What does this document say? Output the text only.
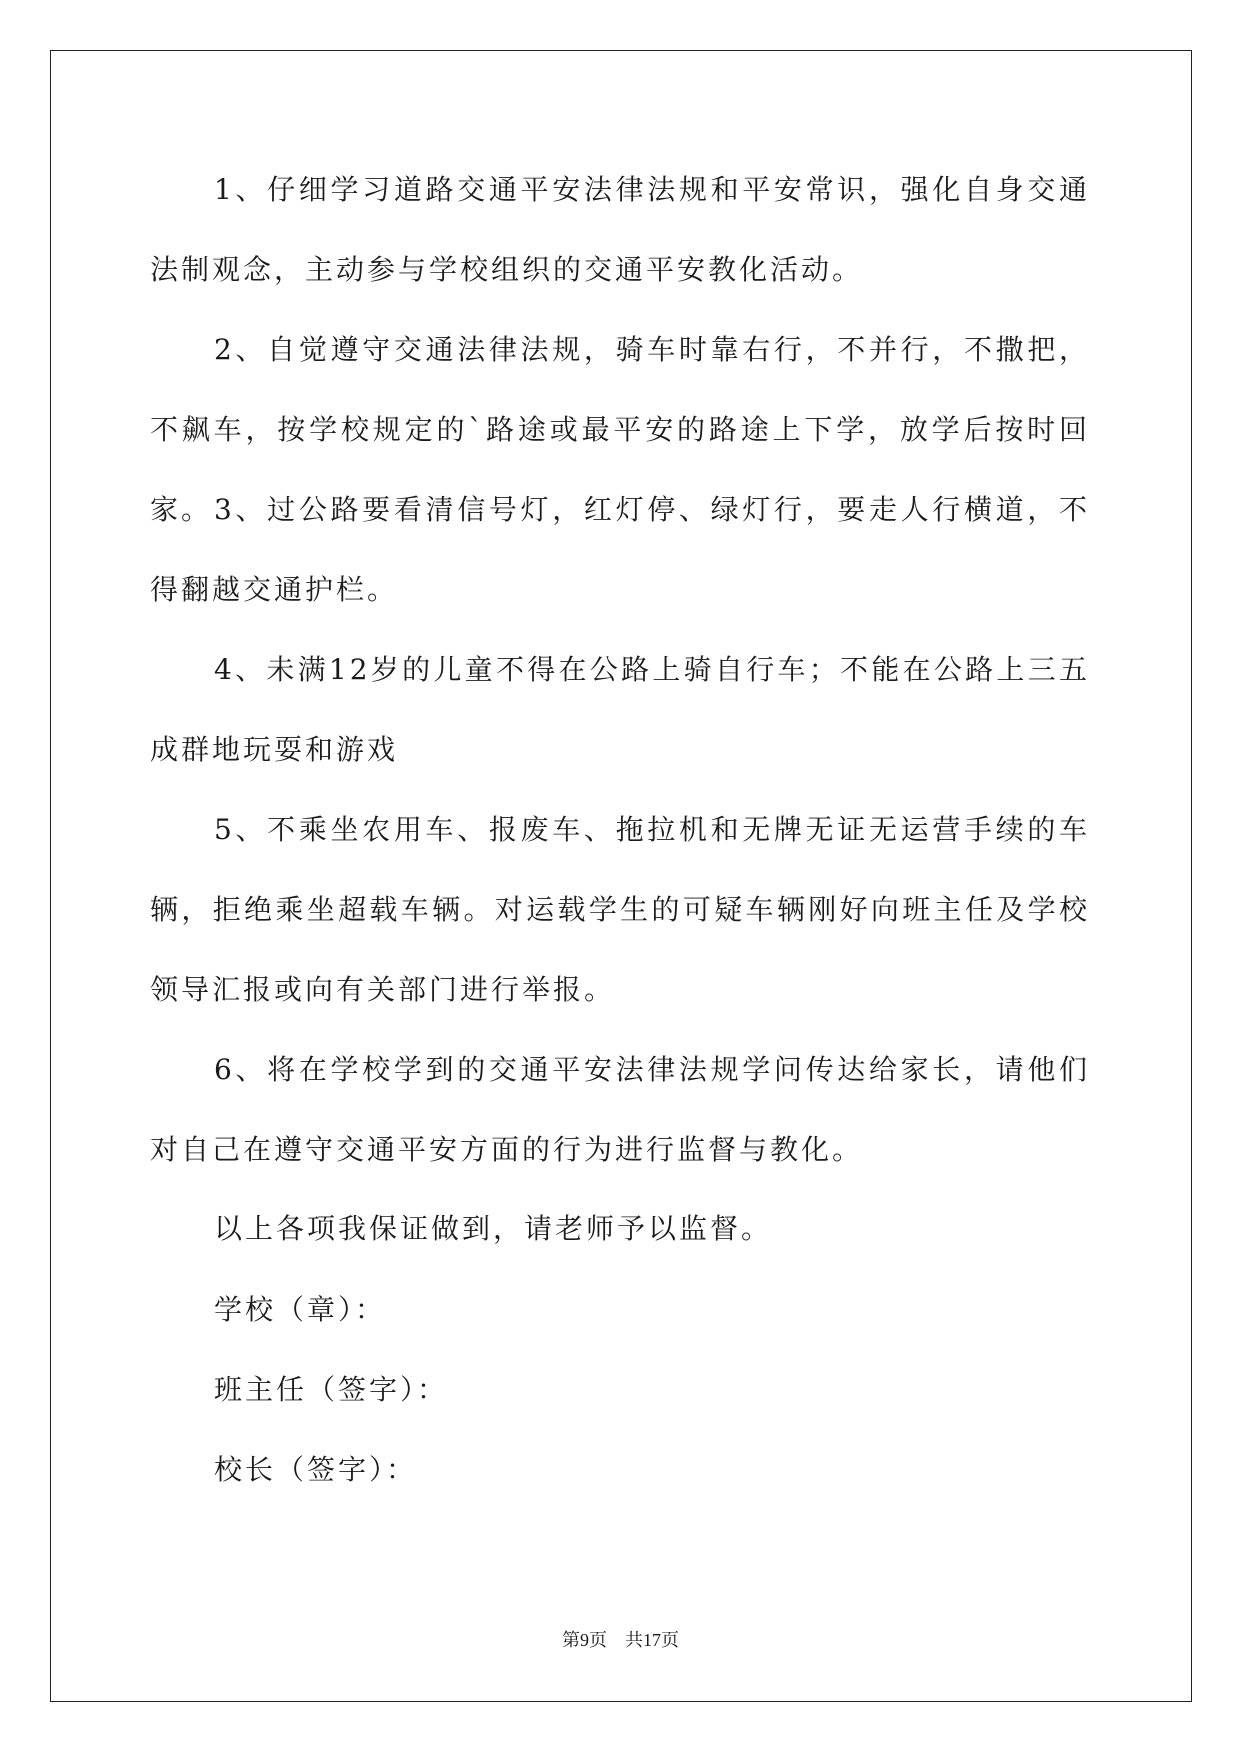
1、仔细学习道路交通平安法律法规和平安常识，强化自身交通法制观念，主动参与学校组织的交通平安教化活动。

2、自觉遵守交通法律法规，骑车时靠右行，不并行，不撒把，不飙车，按学校规定的`路途或最平安的路途上下学，放学后按时回家。 3、过公路要看清信号灯，红灯停、绿灯行，要走人行横道，不得翻越交通护栏。

4、未满12岁的儿童不得在公路上骑自行车；不能在公路上三五成群地玩耍和游戏

5、不乘坐农用车、报废车、拖拉机和无牌无证无运营手续的车辆，拒绝乘坐超载车辆。对运载学生的可疑车辆刚好向班主任及学校领导汇报或向有关部门进行举报。

6、将在学校学到的交通平安法律法规学问传达给家长，请他们对自己在遵守交通平安方面的行为进行监督与教化。

以上各项我保证做到，请老师予以监督。

学校（章）：

班主任（签字）：

校长（签字）：

第9页    共17页
